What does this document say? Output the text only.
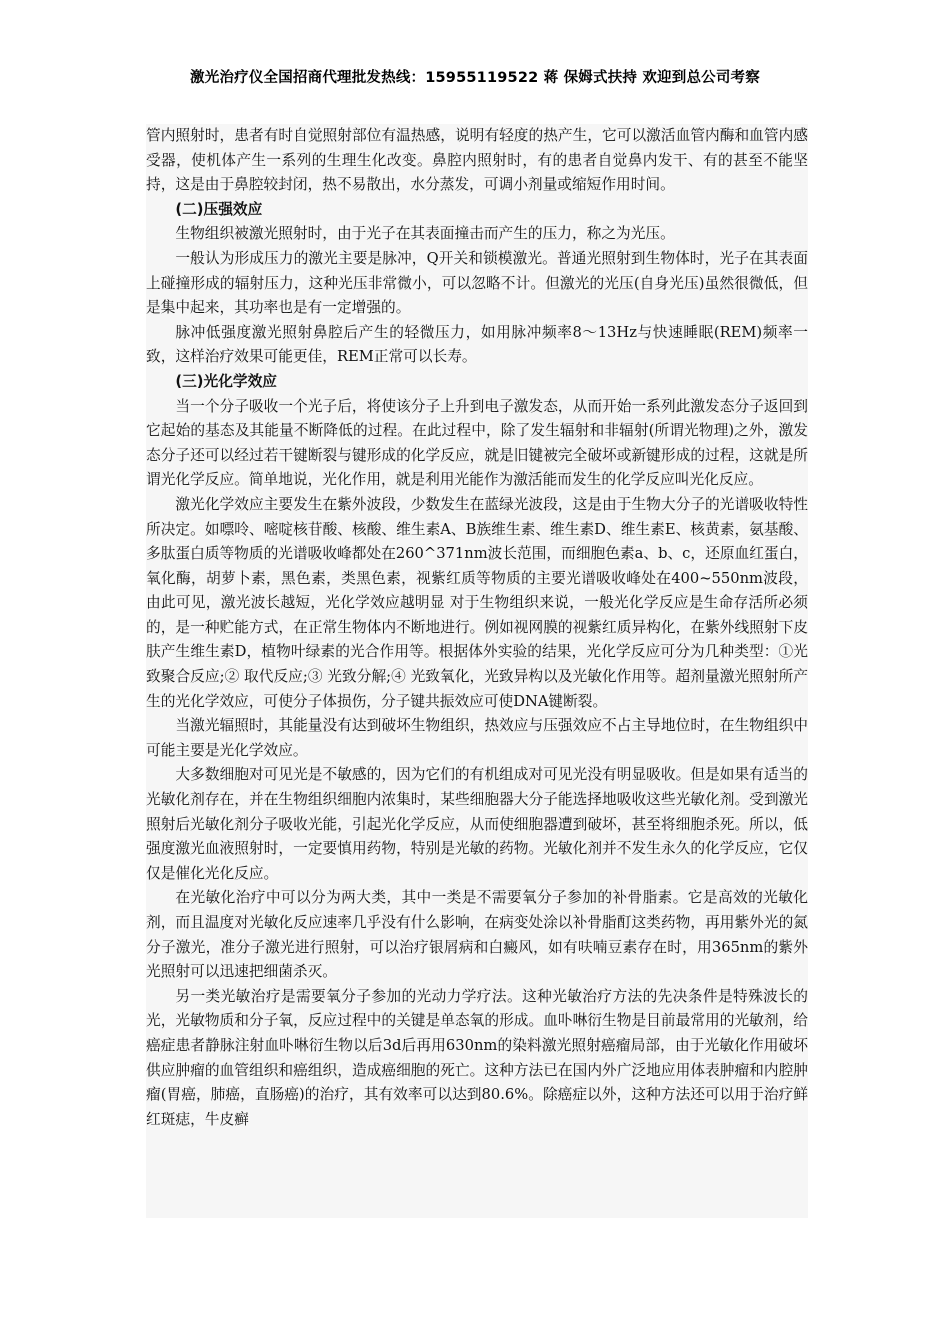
激光治疗仪全国招商代理批发热线：15955119522 蒋 保姆式扶持 欢迎到总公司考察

管内照射时，患者有时自觉照射部位有温热感，说明有轻度的热产生，它可以激活血管内酶和血管内感受器，使机体产生一系列的生理生化改变。鼻腔内照射时，有的患者自觉鼻内发干、有的甚至不能坚持，这是由于鼻腔较封闭，热不易散出，水分蒸发，可调小剂量或缩短作用时间。

(二)压强效应

生物组织被激光照射时，由于光子在其表面撞击而产生的压力，称之为光压。

一般认为形成压力的激光主要是脉冲，Q开关和锁模激光。普通光照射到生物体时，光子在其表面上碰撞形成的辐射压力，这种光压非常微小，可以忽略不计。但激光的光压(自身光压)虽然很微低，但是集中起来，其功率也是有一定增强的。

脉冲低强度激光照射鼻腔后产生的轻微压力，如用脉冲频率8～13Hz与快速睡眠(REM)频率一致，这样治疗效果可能更佳，REM正常可以长寿。

(三)光化学效应

当一个分子吸收一个光子后，将使该分子上升到电子激发态，从而开始一系列此激发态分子返回到它起始的基态及其能量不断降低的过程。在此过程中，除了发生辐射和非辐射(所谓光物理)之外，激发态分子还可以经过若干键断裂与键形成的化学反应，就是旧键被完全破坏或新键形成的过程，这就是所谓光化学反应。简单地说，光化作用，就是利用光能作为激活能而发生的化学反应叫光化反应。

激光化学效应主要发生在紫外波段，少数发生在蓝绿光波段，这是由于生物大分子的光谱吸收特性所决定。如嘌呤、嘧啶核苷酸、核酸、维生素A、B族维生素、维生素D、维生素E、核黄素，氨基酸、多肽蛋白质等物质的光谱吸收峰都处在260^371nm波长范围，而细胞色素a、b、c，还原血红蛋白，氧化酶，胡萝卜素，黑色素，类黑色素，视紫红质等物质的主要光谱吸收峰处在400~550nm波段，由此可见，激光波长越短，光化学效应越明显 对于生物组织来说，一般光化学反应是生命存活所必须的，是一种贮能方式，在正常生物体内不断地进行。例如视网膜的视紫红质异构化，在紫外线照射下皮肤产生维生素D，植物叶绿素的光合作用等。根据体外实验的结果，光化学反应可分为几种类型：①光致聚合反应;② 取代反应;③ 光致分解;④ 光致氧化，光致异构以及光敏化作用等。超剂量激光照射所产生的光化学效应，可使分子体损伤，分子键共振效应可使DNA键断裂。

当激光辐照时，其能量没有达到破坏生物组织，热效应与压强效应不占主导地位时，在生物组织中可能主要是光化学效应。

大多数细胞对可见光是不敏感的，因为它们的有机组成对可见光没有明显吸收。但是如果有适当的光敏化剂存在，并在生物组织细胞内浓集时，某些细胞器大分子能选择地吸收这些光敏化剂。受到激光照射后光敏化剂分子吸收光能，引起光化学反应，从而使细胞器遭到破坏，甚至将细胞杀死。所以，低强度激光血液照射时，一定要慎用药物，特别是光敏的药物。光敏化剂并不发生永久的化学反应，它仅仅是催化光化反应。

在光敏化治疗中可以分为两大类，其中一类是不需要氧分子参加的补骨脂素。它是高效的光敏化剂，而且温度对光敏化反应速率几乎没有什么影响，在病变处涂以补骨脂酊这类药物，再用紫外光的氮分子激光，准分子激光进行照射，可以治疗银屑病和白癜风，如有呋喃豆素存在时，用365nm的紫外光照射可以迅速把细菌杀灭。

另一类光敏治疗是需要氧分子参加的光动力学疗法。这种光敏治疗方法的先决条件是特殊波长的光，光敏物质和分子氧，反应过程中的关键是单态氧的形成。血卟啉衍生物是目前最常用的光敏剂，给癌症患者静脉注射血卟啉衍生物以后3d后再用630nm的染料激光照射癌瘤局部，由于光敏化作用破坏供应肿瘤的血管组织和癌组织，造成癌细胞的死亡。这种方法已在国内外广泛地应用体表肿瘤和内腔肿瘤(胃癌，肺癌，直肠癌)的治疗，其有效率可以达到80.6%。除癌症以外，这种方法还可以用于治疗鲜红斑痣，牛皮癣
